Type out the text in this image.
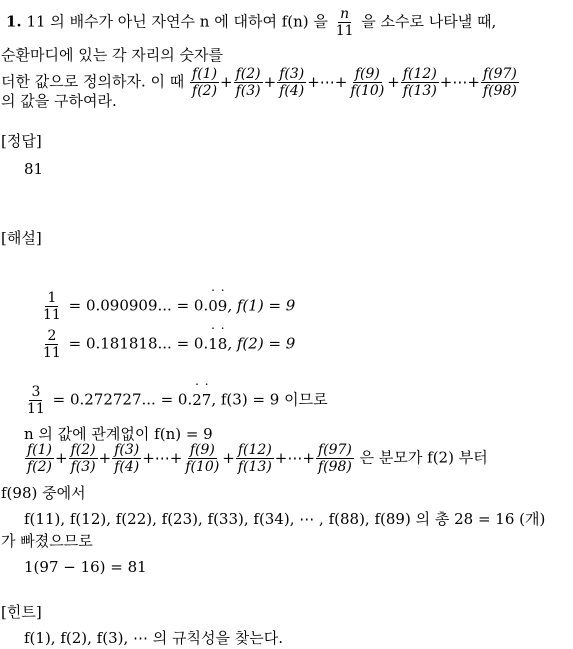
1. 11 의 배수가 아닌 자연수 n 에 대하여 f(n) 을 $\frac{n}{11}$ 을 소수로 나타낼 때,
순환마디에 있는 각 자리의 숫자를
더한 값으로 정의하자. 이 때 $\frac{f(1)}{f(2)} + \frac{f(2)}{f(3)} + \frac{f(3)}{f(4)}$ +⋯+ $\frac{f(9)}{f(10)} + \frac{f(12)}{f(13)}$ +⋯+ $\frac{f(97)}{f(98)}$
의 값을 구하여라.
[정답]
81
[해설]
$\frac{1}{11} = 0.090909$... = 0.˙ 0˙ 9, f(1) = 9
$\frac{2}{11} = 0.181818$... = 0.˙ 1˙ 8, f(2) = 9
$\frac{3}{11} = 0.272727$... = 0.˙ 2˙ 7, f(3) = 9 이므로
n 의 값에 관계없이 f(n) = 9
$\frac{f(1)}{f(2)} + \frac{f(2)}{f(3)} + \frac{f(3)}{f(4)}$ +⋯+ $\frac{f(9)}{f(10)} + \frac{f(12)}{f(13)}$ +⋯+ $\frac{f(97)}{f(98)}$ 은 분모가 f(2) 부터
f(98) 중에서
f(11), f(12), f(22), f(23), f(33), f(34), ⋯ , f(88), f(89) 의 총 28 = 16 (개)
가 빠졌으므로
1(97 − 16) = 81
[힌트]
f(1), f(2), f(3), ⋯ 의 규칙성을 찾는다.
